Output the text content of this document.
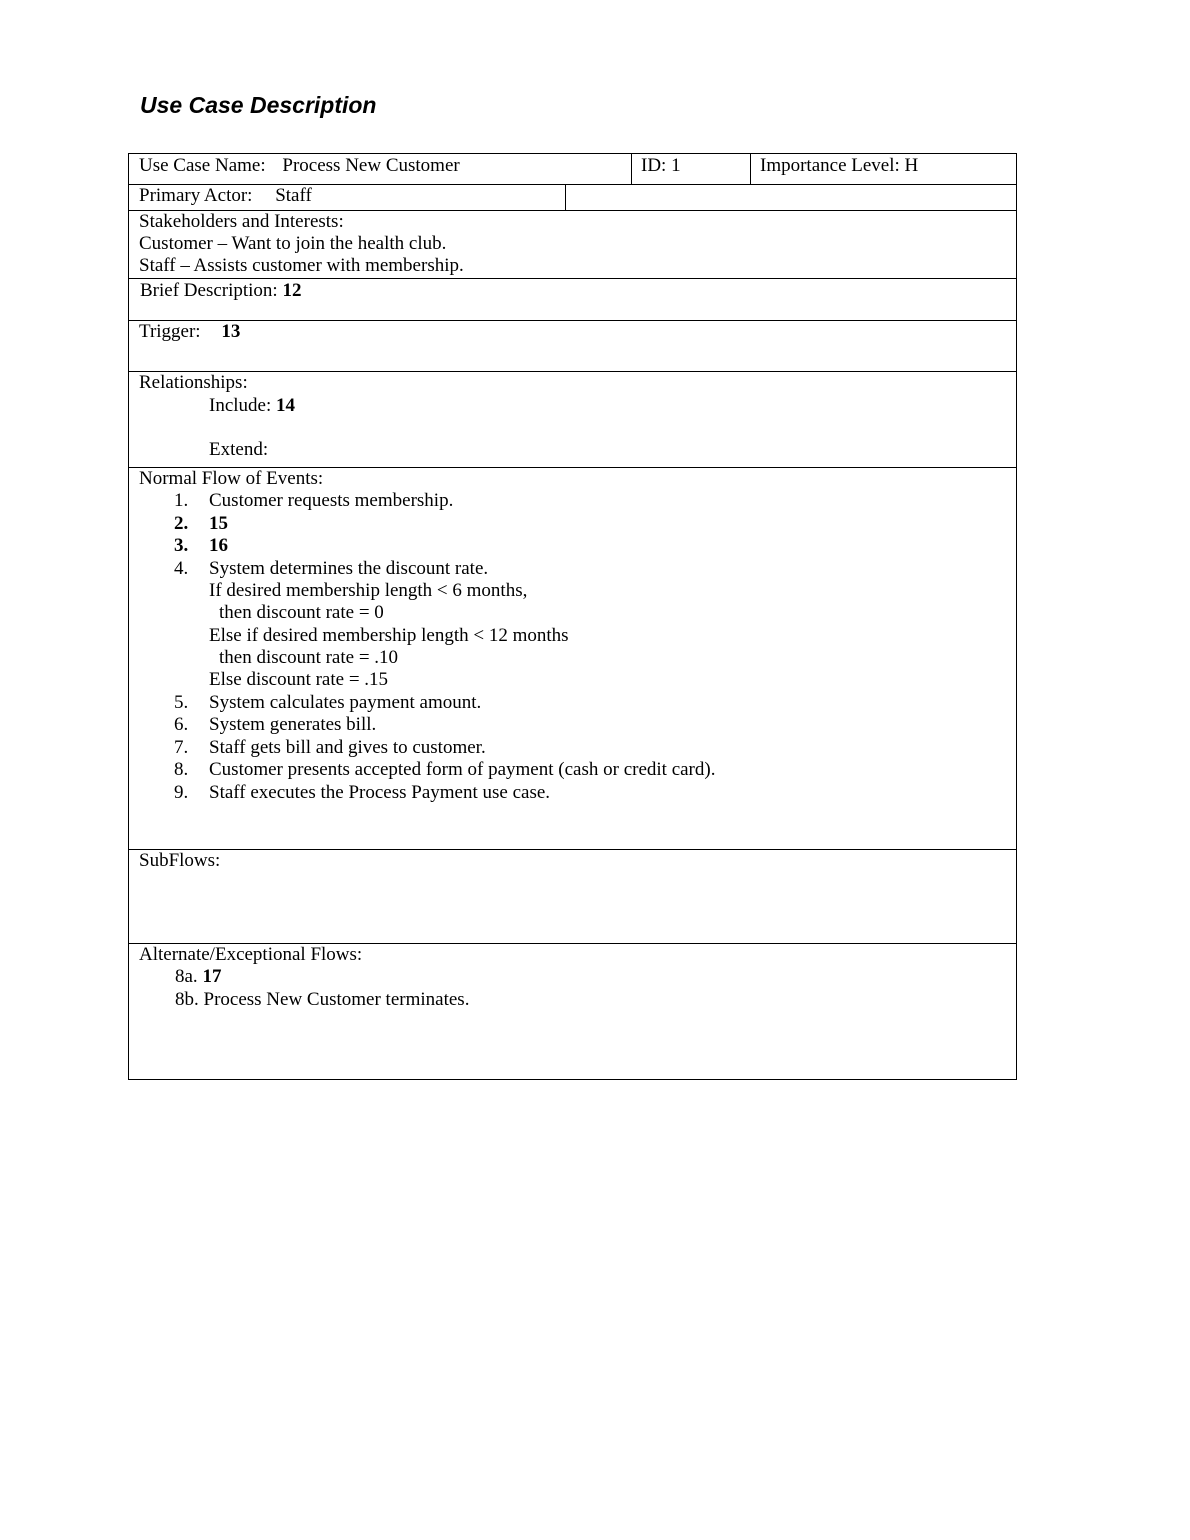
Use Case Description
Use Case Name: Process New Customer	ID: 1	Importance Level: H
Primary Actor: Staff
Stakeholders and Interests:
Customer – Want to join the health club.
Staff – Assists customer with membership.
Brief Description: 12
Trigger: 13
Relationships:
Include: 14
Extend:
Normal Flow of Events:
1. Customer requests membership.
2. 15
3. 16
4. System determines the discount rate.
If desired membership length < 6 months,
then discount rate = 0
Else if desired membership length < 12 months
then discount rate = .10
Else discount rate = .15
5. System calculates payment amount.
6. System generates bill.
7. Staff gets bill and gives to customer.
8. Customer presents accepted form of payment (cash or credit card).
9. Staff executes the Process Payment use case.
SubFlows:
Alternate/Exceptional Flows:
8a. 17
8b. Process New Customer terminates.
